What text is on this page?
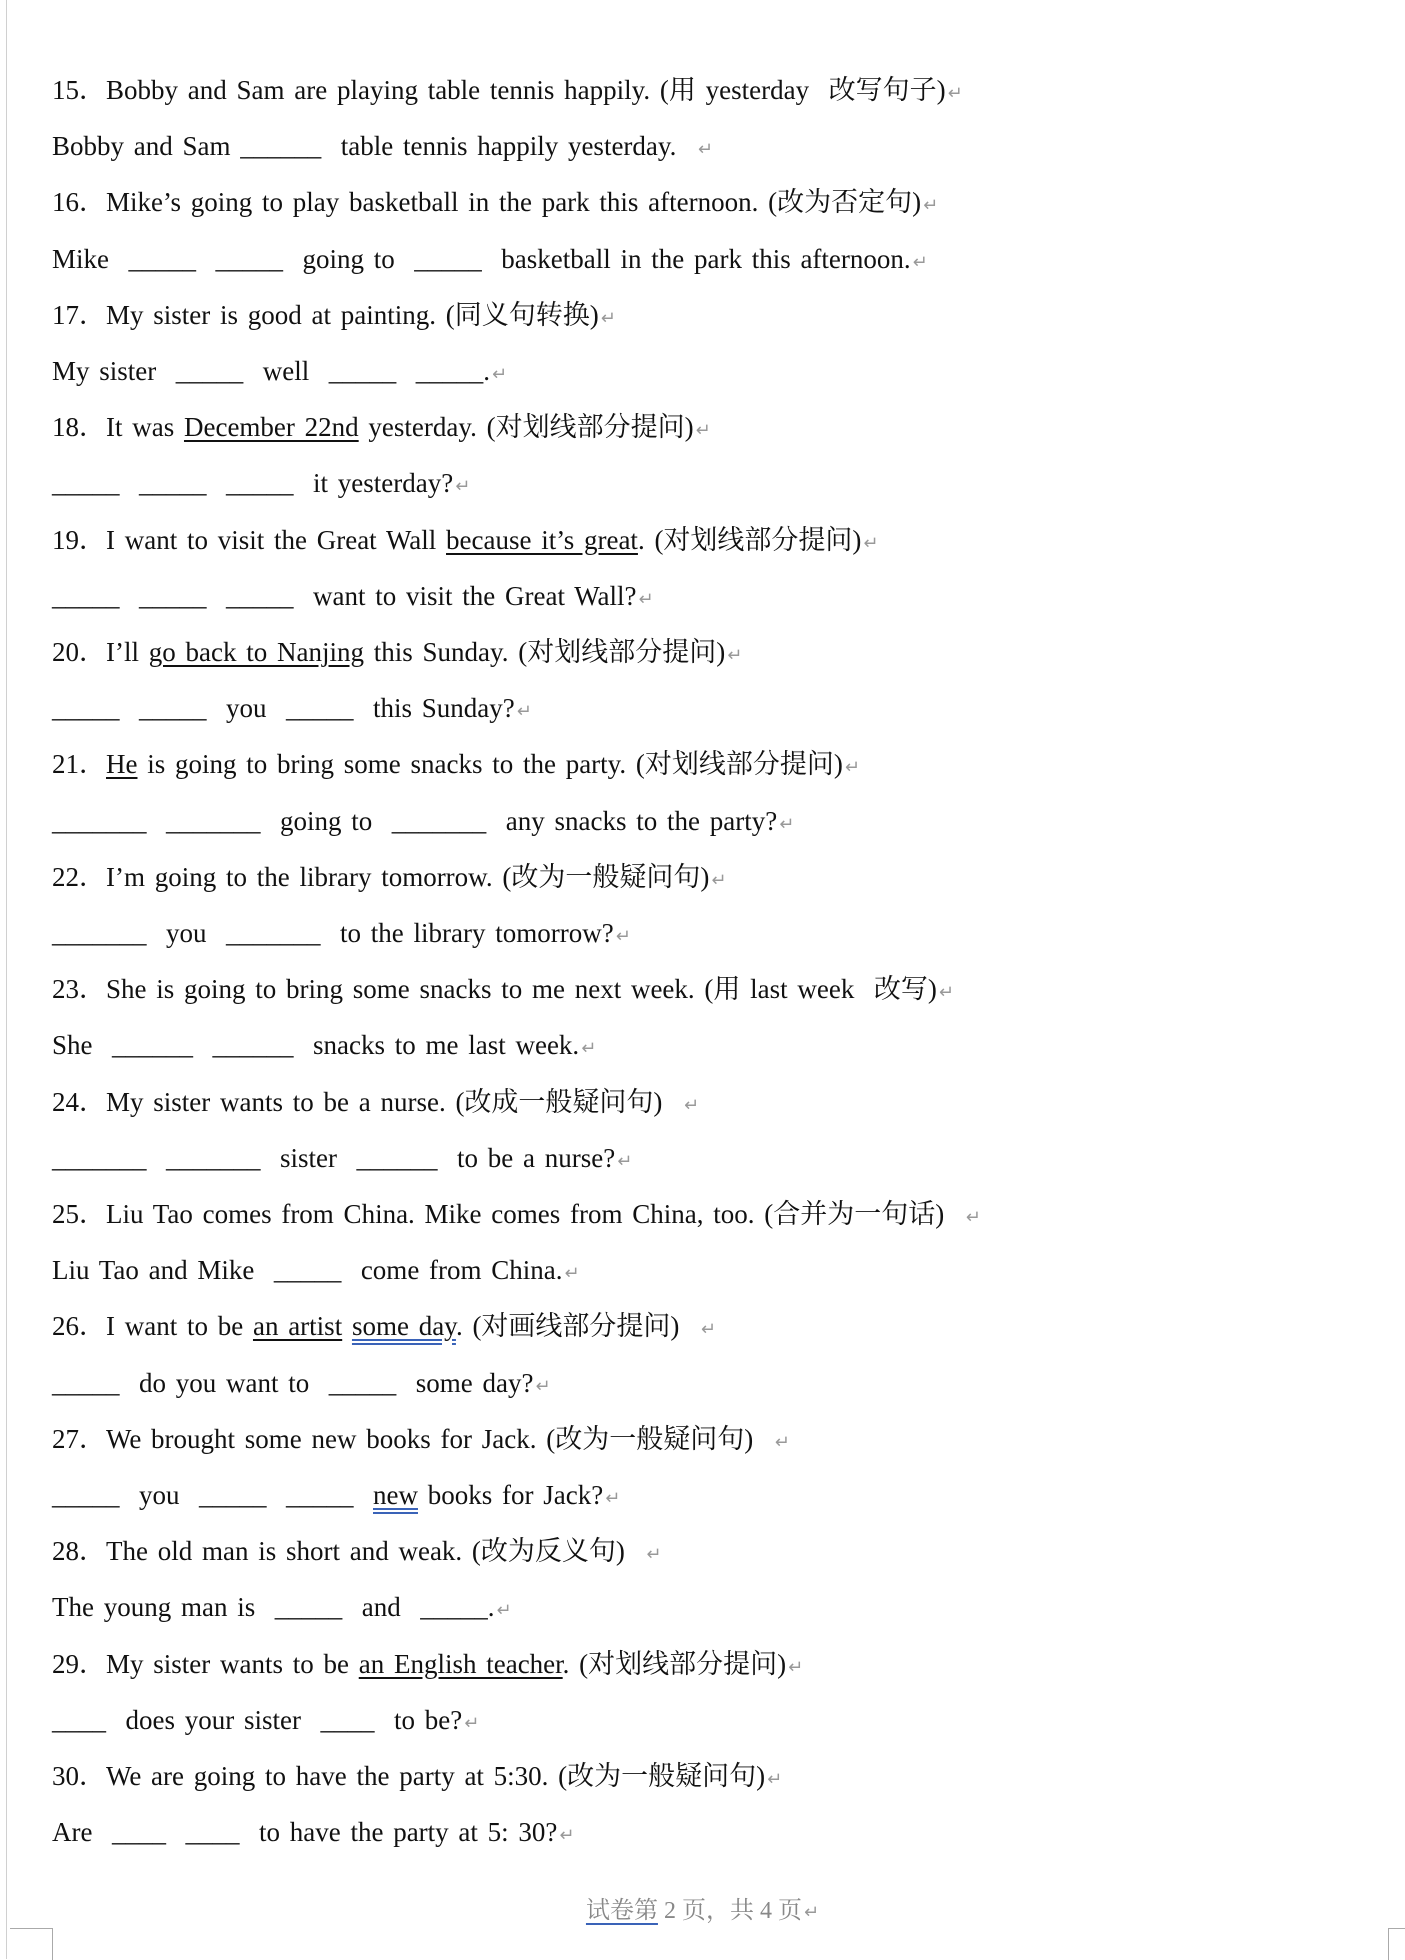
15．Bobby and Sam are playing table tennis happily. (用 yesterday  改写句子) ↵
Bobby and Sam ______  table tennis happily yesterday.  ↵
16．Mike’s going to play basketball in the park this afternoon. (改为否定句) ↵
Mike  _____ _____  going to  _____  basketball in the park this afternoon. ↵
17．My sister is good at painting. (同义句转换) ↵
My sister  _____  well  _____ _____. ↵
18．It was December 22nd yesterday. (对划线部分提问) ↵
_____ _____ _____  it yesterday? ↵
19．I want to visit the Great Wall because it’s great. (对划线部分提问) ↵
_____ _____ _____  want to visit the Great Wall? ↵
20．I’ll go back to Nanjing this Sunday. (对划线部分提问) ↵
_____ _____  you  _____  this Sunday? ↵
21．He is going to bring some snacks to the party. (对划线部分提问) ↵
_______ _______  going to  _______  any snacks to the party? ↵
22．I’m going to the library tomorrow. (改为一般疑问句) ↵
_______  you  _______  to the library tomorrow? ↵
23．She is going to bring some snacks to me next week. (用 last week  改写) ↵
She  ______ ______  snacks to me last week. ↵
24．My sister wants to be a nurse. (改成一般疑问句)  ↵
_______ _______  sister  ______  to be a nurse? ↵
25．Liu Tao comes from China. Mike comes from China, too. (合并为一句话)  ↵
Liu Tao and Mike  _____  come from China. ↵
26．I want to be an artist some day. (对画线部分提问)  ↵
_____  do you want to  _____  some day? ↵
27．We brought some new books for Jack. (改为一般疑问句)  ↵
_____  you  _____ _____ new books for Jack? ↵
28．The old man is short and weak. (改为反义句)  ↵
The young man is  _____  and  _____. ↵
29．My sister wants to be an English teacher. (对划线部分提问) ↵
____  does your sister  ____  to be? ↵
30．We are going to have the party at 5:30. (改为一般疑问句) ↵
Are  ____ ____  to have the party at 5: 30? ↵
试卷第 2 页，共 4 页 ↵
